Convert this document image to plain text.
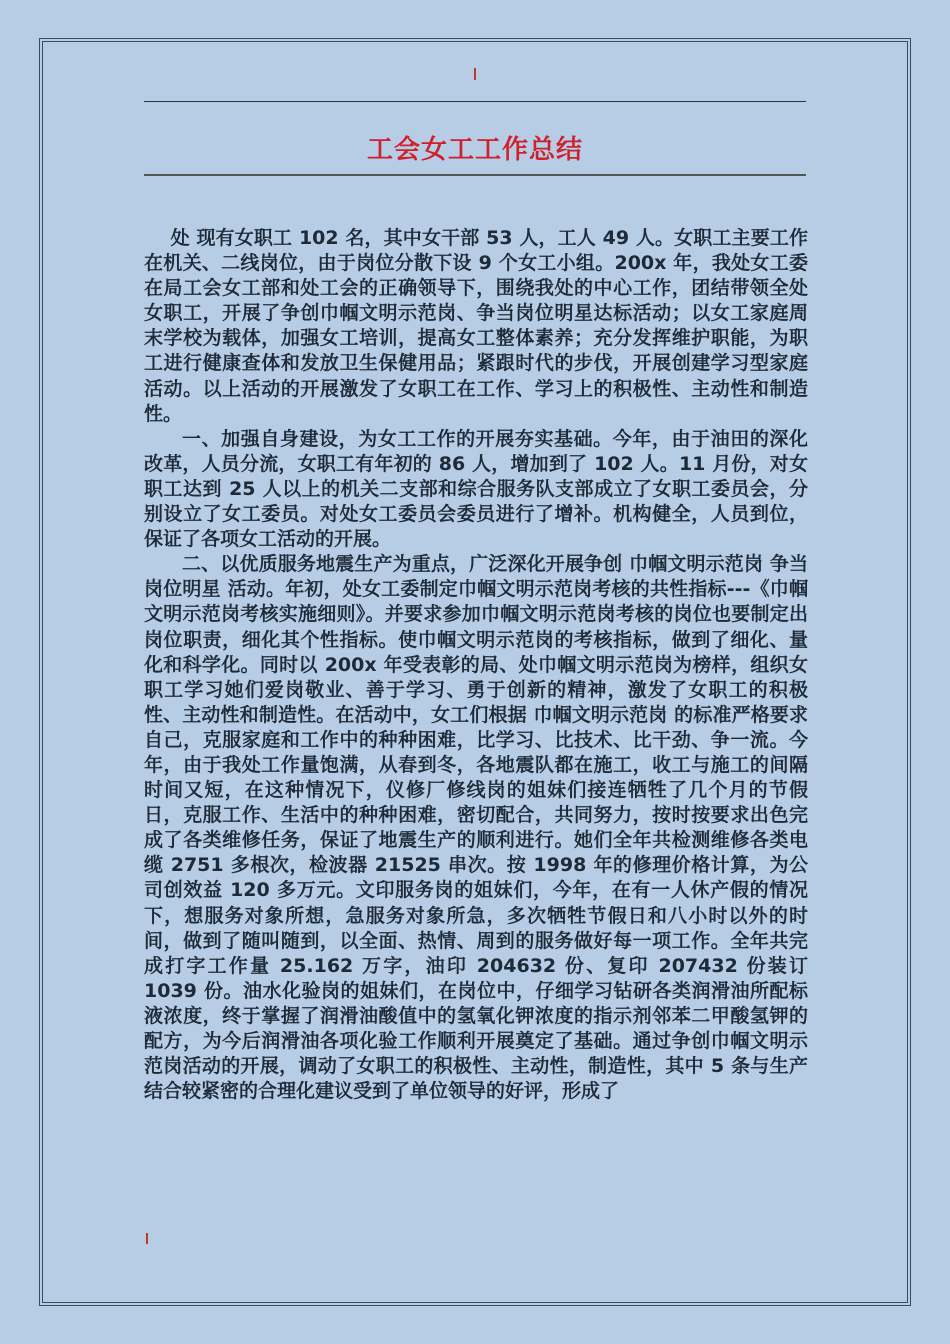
工会女工工作总结

处 现有女职工 102 名，其中女干部 53 人，工人 49 人。女职工主要工作在机关、二线岗位，由于岗位分散下设 9 个女工小组。200x 年，我处女工委在局工会女工部和处工会的正确领导下，围绕我处的中心工作，团结带领全处女职工，开展了争创巾帼文明示范岗、争当岗位明星达标活动；以女工家庭周末学校为载体，加强女工培训，提高女工整体素养；充分发挥维护职能，为职工进行健康查体和发放卫生保健用品；紧跟时代的步伐，开展创建学习型家庭活动。以上活动的开展激发了女职工在工作、学习上的积极性、主动性和制造性。

一、加强自身建设，为女工工作的开展夯实基础。今年，由于油田的深化改革，人员分流，女职工有年初的 86 人，增加到了 102 人。11 月份，对女职工达到 25 人以上的机关二支部和综合服务队支部成立了女职工委员会，分别设立了女工委员。对处女工委员会委员进行了增补。机构健全，人员到位，保证了各项女工活动的开展。

二、以优质服务地震生产为重点，广泛深化开展争创 巾帼文明示范岗 争当 岗位明星 活动。年初，处女工委制定巾帼文明示范岗考核的共性指标---《巾帼文明示范岗考核实施细则》。并要求参加巾帼文明示范岗考核的岗位也要制定出岗位职责，细化其个性指标。使巾帼文明示范岗的考核指标，做到了细化、量化和科学化。同时以 200x 年受表彰的局、处巾帼文明示范岗为榜样，组织女职工学习她们爱岗敬业、善于学习、勇于创新的精神，激发了女职工的积极性、主动性和制造性。在活动中，女工们根据 巾帼文明示范岗 的标准严格要求自己，克服家庭和工作中的种种困难，比学习、比技术、比干劲、争一流。今年，由于我处工作量饱满，从春到冬，各地震队都在施工，收工与施工的间隔时间又短，在这种情况下，仪修厂修线岗的姐妹们接连牺牲了几个月的节假日，克服工作、生活中的种种困难，密切配合，共同努力，按时按要求出色完成了各类维修任务，保证了地震生产的顺利进行。她们全年共检测维修各类电缆 2751 多根次，检波器 21525 串次。按 1998 年的修理价格计算，为公司创效益 120 多万元。文印服务岗的姐妹们，今年，在有一人休产假的情况下，想服务对象所想，急服务对象所急，多次牺牲节假日和八小时以外的时间，做到了随叫随到，以全面、热情、周到的服务做好每一项工作。全年共完成打字工作量 25.162 万字，油印 204632 份、复印 207432 份装订 1039 份。油水化验岗的姐妹们，在岗位中，仔细学习钻研各类润滑油所配标液浓度，终于掌握了润滑油酸值中的氢氧化钾浓度的指示剂邻苯二甲酸氢钾的配方，为今后润滑油各项化验工作顺利开展奠定了基础。通过争创巾帼文明示范岗活动的开展，调动了女职工的积极性、主动性，制造性，其中 5 条与生产结合较紧密的合理化建议受到了单位领导的好评，形成了
